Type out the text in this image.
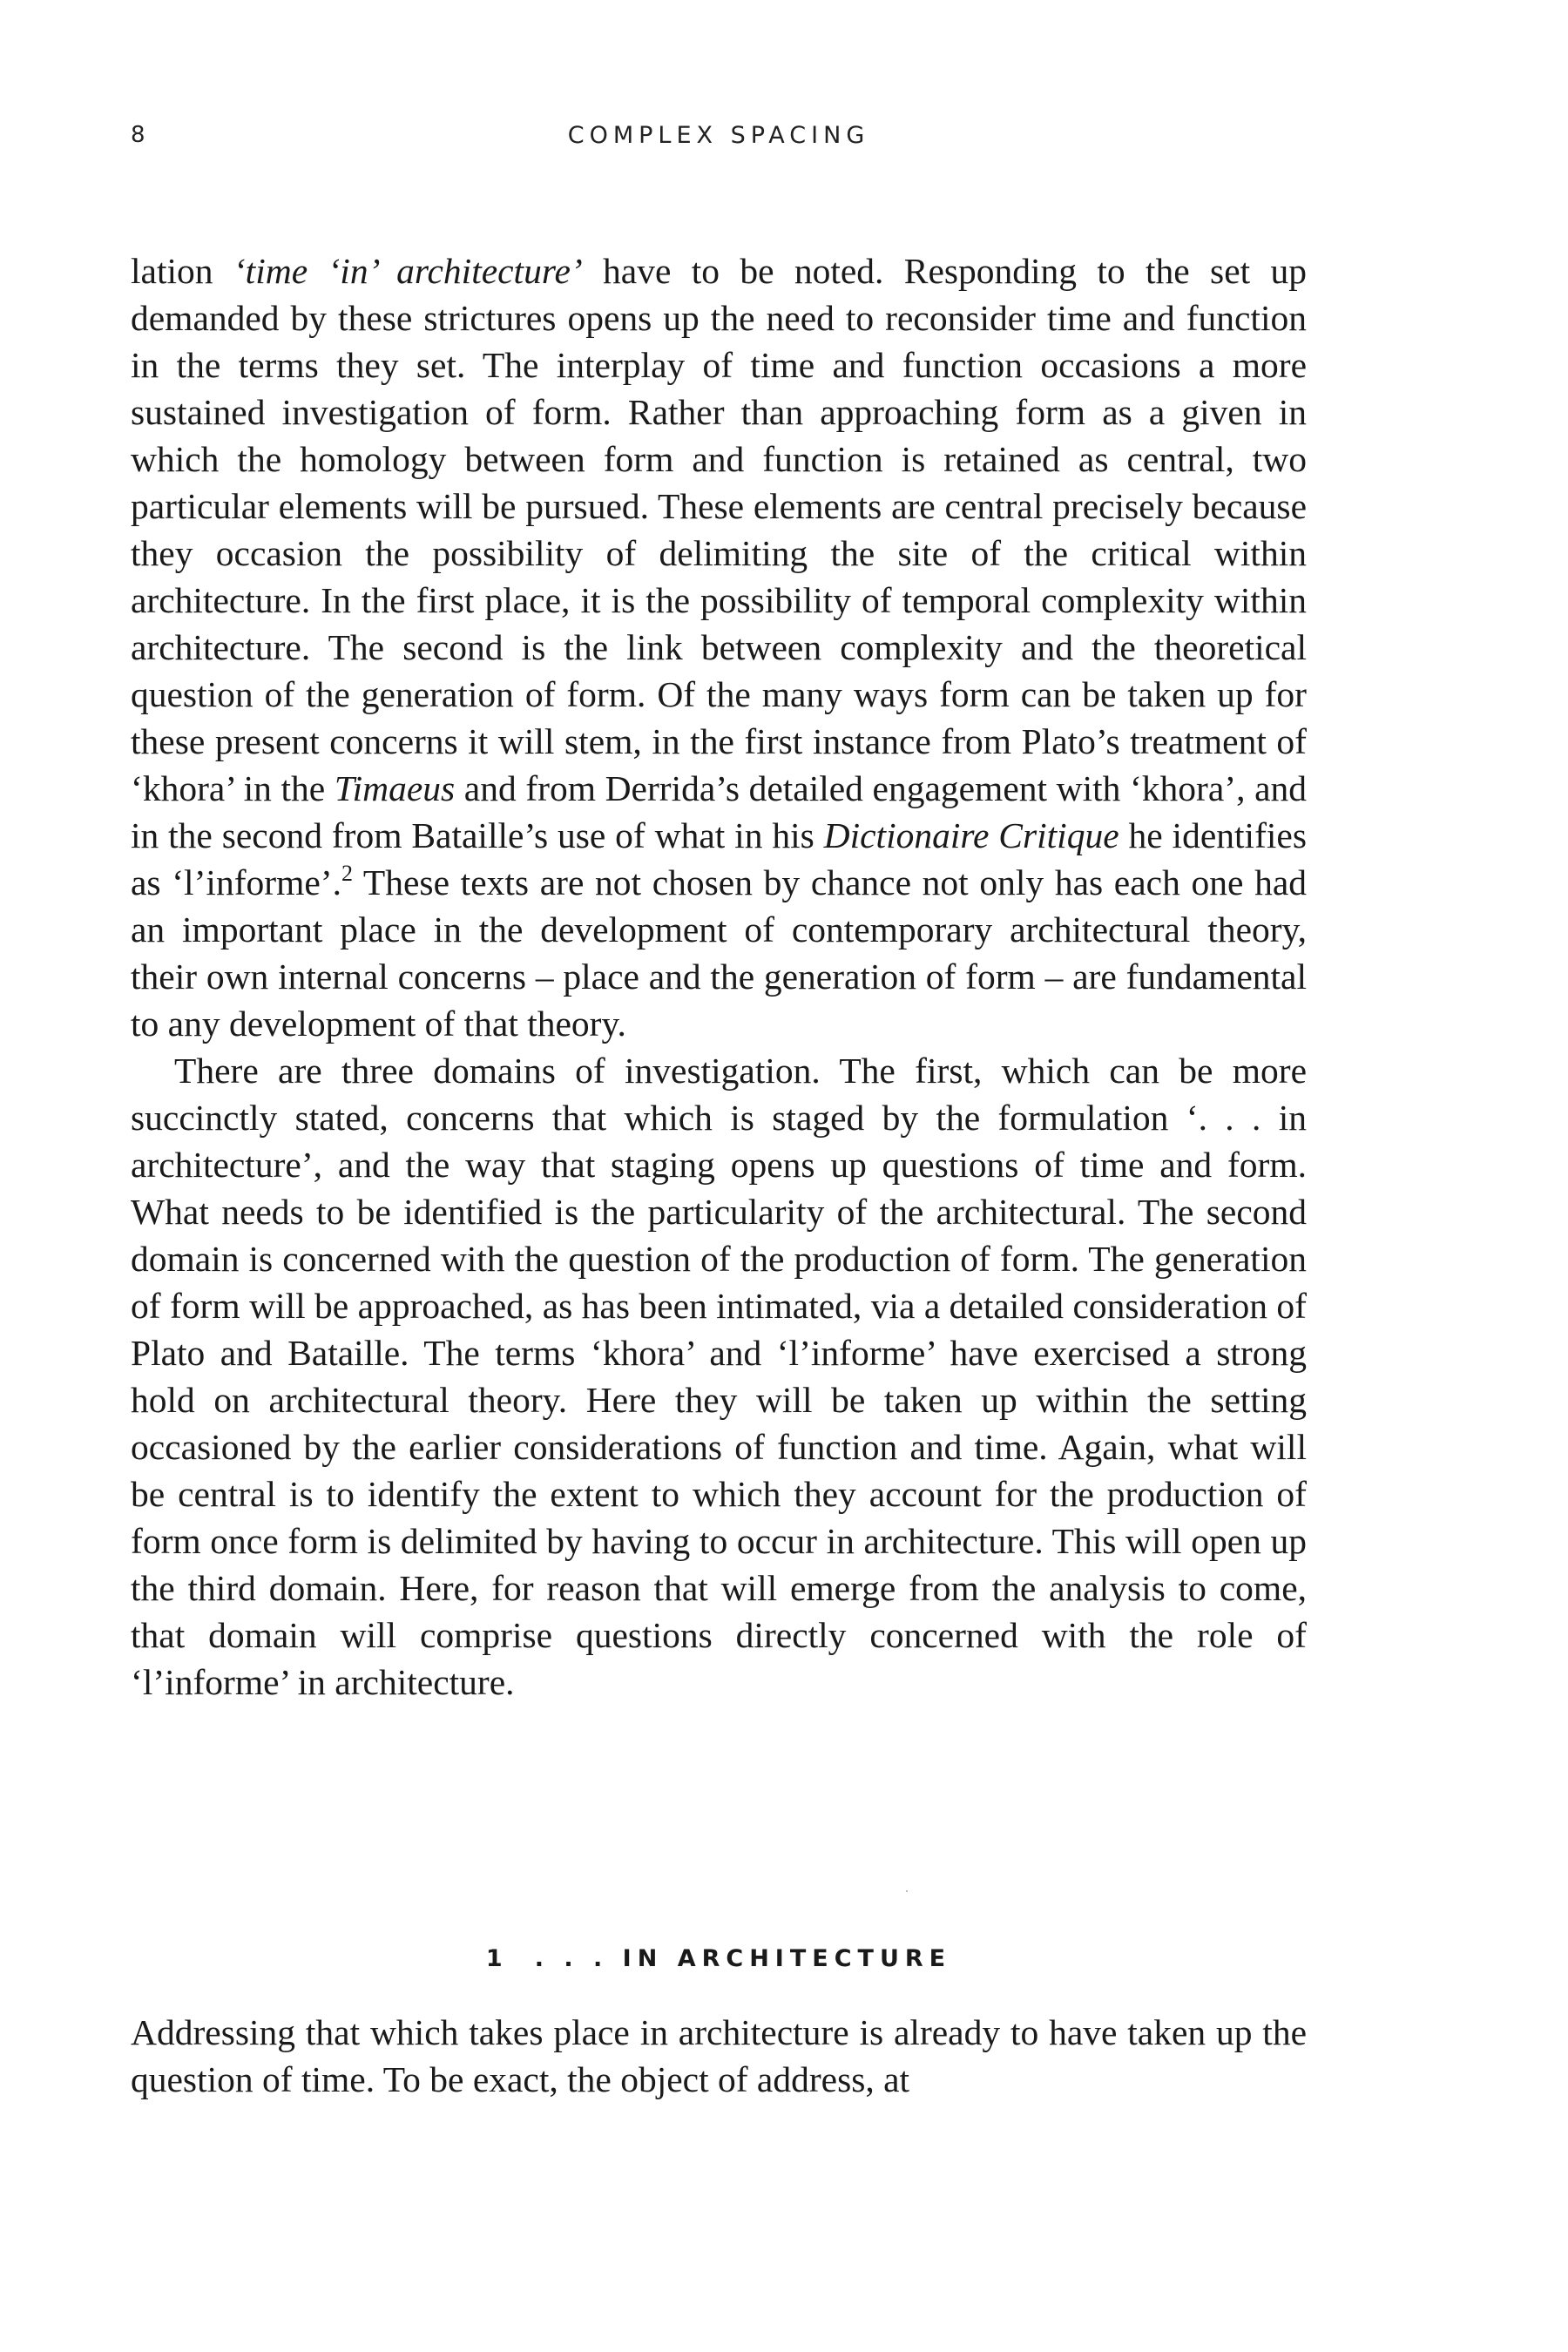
8	COMPLEX SPACING

lation ‘time ‘in’ architecture’ have to be noted. Responding to the set up demanded by these strictures opens up the need to reconsider time and function in the terms they set. The interplay of time and function occasions a more sustained investigation of form. Rather than approaching form as a given in which the homology between form and function is retained as central, two particular elements will be pursued. These elements are central precisely because they occasion the possibility of delimiting the site of the critical within architecture. In the first place, it is the possibility of temporal complexity within architecture. The second is the link between complexity and the theoretical question of the generation of form. Of the many ways form can be taken up for these present concerns it will stem, in the first instance from Plato’s treatment of ‘khora’ in the Timaeus and from Derrida’s detailed engagement with ‘khora’, and in the second from Bataille’s use of what in his Dictionaire Critique he identifies as ‘l’informe’.$^2$ These texts are not chosen by chance not only has each one had an important place in the development of contemporary architectural theory, their own internal concerns – place and the generation of form – are fundamental to any development of that theory.

There are three domains of investigation. The first, which can be more succinctly stated, concerns that which is staged by the formulation ‘. . . in architecture’, and the way that staging opens up questions of time and form. What needs to be identified is the particularity of the architectural. The second domain is concerned with the question of the production of form. The generation of form will be approached, as has been intimated, via a detailed consideration of Plato and Bataille. The terms ‘khora’ and ‘l’informe’ have exercised a strong hold on architectural theory. Here they will be taken up within the setting occasioned by the earlier considerations of function and time. Again, what will be central is to identify the extent to which they account for the production of form once form is delimited by having to occur in architecture. This will open up the third domain. Here, for reason that will emerge from the analysis to come, that domain will comprise questions directly concerned with the role of ‘l’informe’ in architecture.

1 . . . IN ARCHITECTURE

Addressing that which takes place in architecture is already to have taken up the question of time. To be exact, the object of address, at
